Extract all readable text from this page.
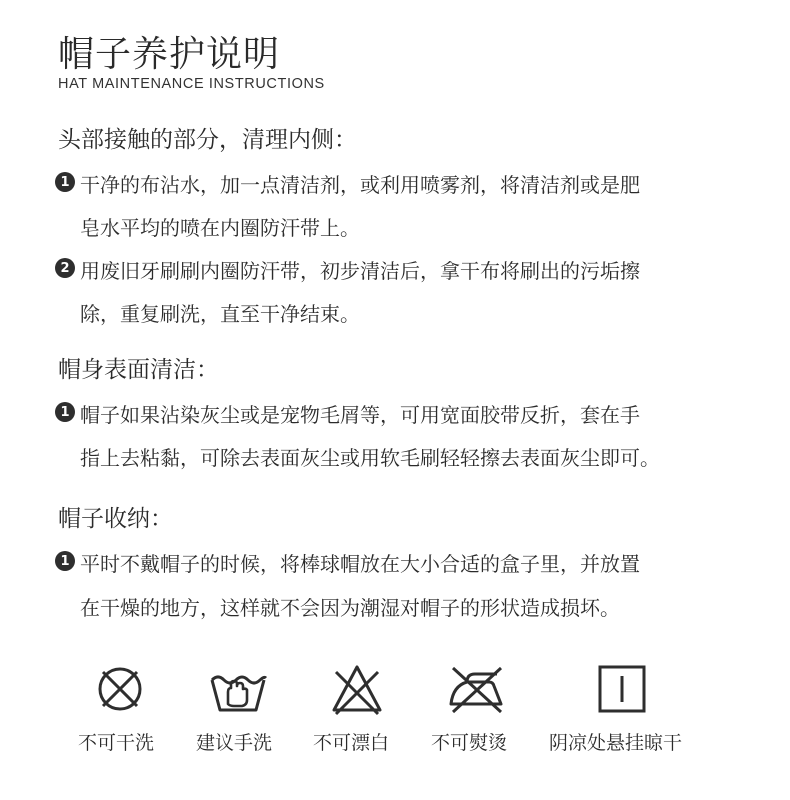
帽子养护说明
HAT MAINTENANCE INSTRUCTIONS
头部接触的部分，清理内侧：
1 干净的布沾水，加一点清洁剂，或利用喷雾剂，将清洁剂或是肥
皂水平均的喷在内圈防汗带上。
2 用废旧牙刷刷内圈防汗带，初步清洁后，拿干布将刷出的污垢擦
除，重复刷洗，直至干净结束。
帽身表面清洁：
1 帽子如果沾染灰尘或是宠物毛屑等，可用宽面胶带反折，套在手
指上去粘黏，可除去表面灰尘或用软毛刷轻轻擦去表面灰尘即可。
帽子收纳：
1 平时不戴帽子的时候，将棒球帽放在大小合适的盒子里，并放置
在干燥的地方，这样就不会因为潮湿对帽子的形状造成损坏。
不可干洗 建议手洗 不可漂白 不可熨烫 阴凉处悬挂晾干
